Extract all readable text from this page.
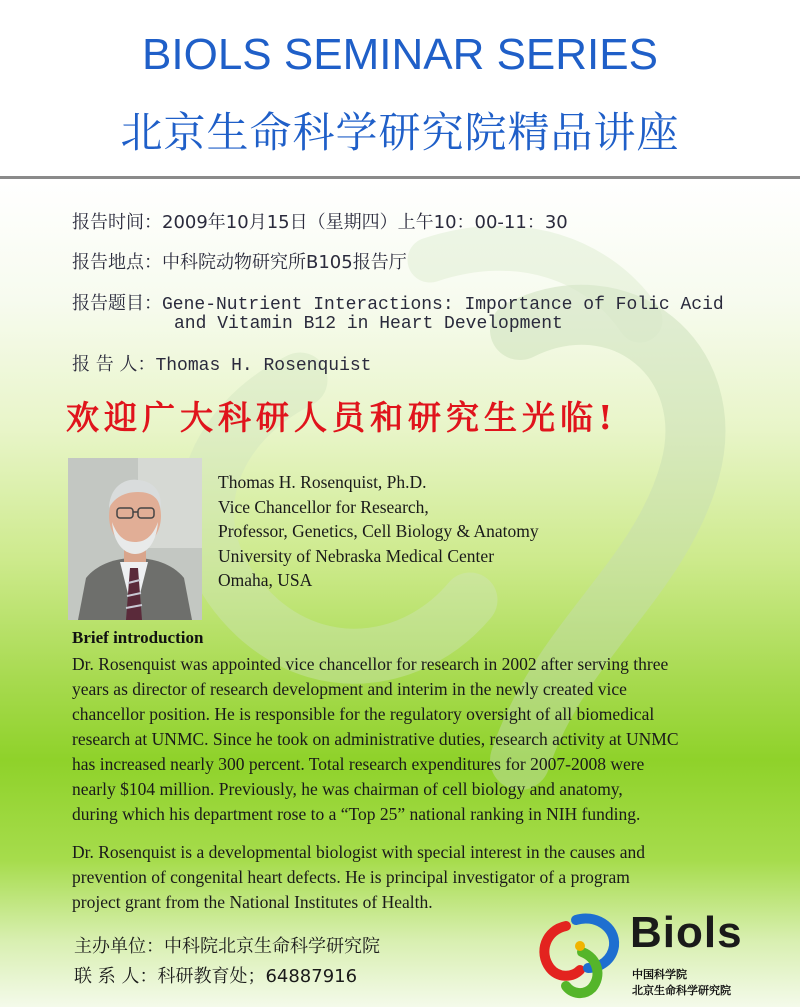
BIOLS SEMINAR SERIES
北京生命科学研究院精品讲座
报告时间：2009年10月15日（星期四）上午10：00-11：30
报告地点：中科院动物研究所B105报告厅
报告题目：Gene-Nutrient Interactions: Importance of Folic Acid
and Vitamin B12 in Heart Development
报 告 人：Thomas H. Rosenquist
欢迎广大科研人员和研究生光临!
Thomas H. Rosenquist, Ph.D.
Vice Chancellor for Research,
Professor, Genetics, Cell Biology & Anatomy
University of Nebraska Medical Center
Omaha, USA
Brief introduction
Dr. Rosenquist was appointed vice chancellor for research in 2002 after serving three
years as director of research development and interim in the newly created vice
chancellor position. He is responsible for the regulatory oversight of all biomedical
research at UNMC. Since he took on administrative duties, research activity at UNMC
has increased nearly 300 percent. Total research expenditures for 2007-2008 were
nearly $104 million. Previously, he was chairman of cell biology and anatomy,
during which his department rose to a “Top 25” national ranking in NIH funding.
Dr. Rosenquist is a developmental biologist with special interest in the causes and
prevention of congenital heart defects. He is principal investigator of a program
project grant from the National Institutes of Health.
主办单位：中科院北京生命科学研究院
联 系 人：科研教育处；64887916
Biols
中国科学院
北京生命科学研究院
